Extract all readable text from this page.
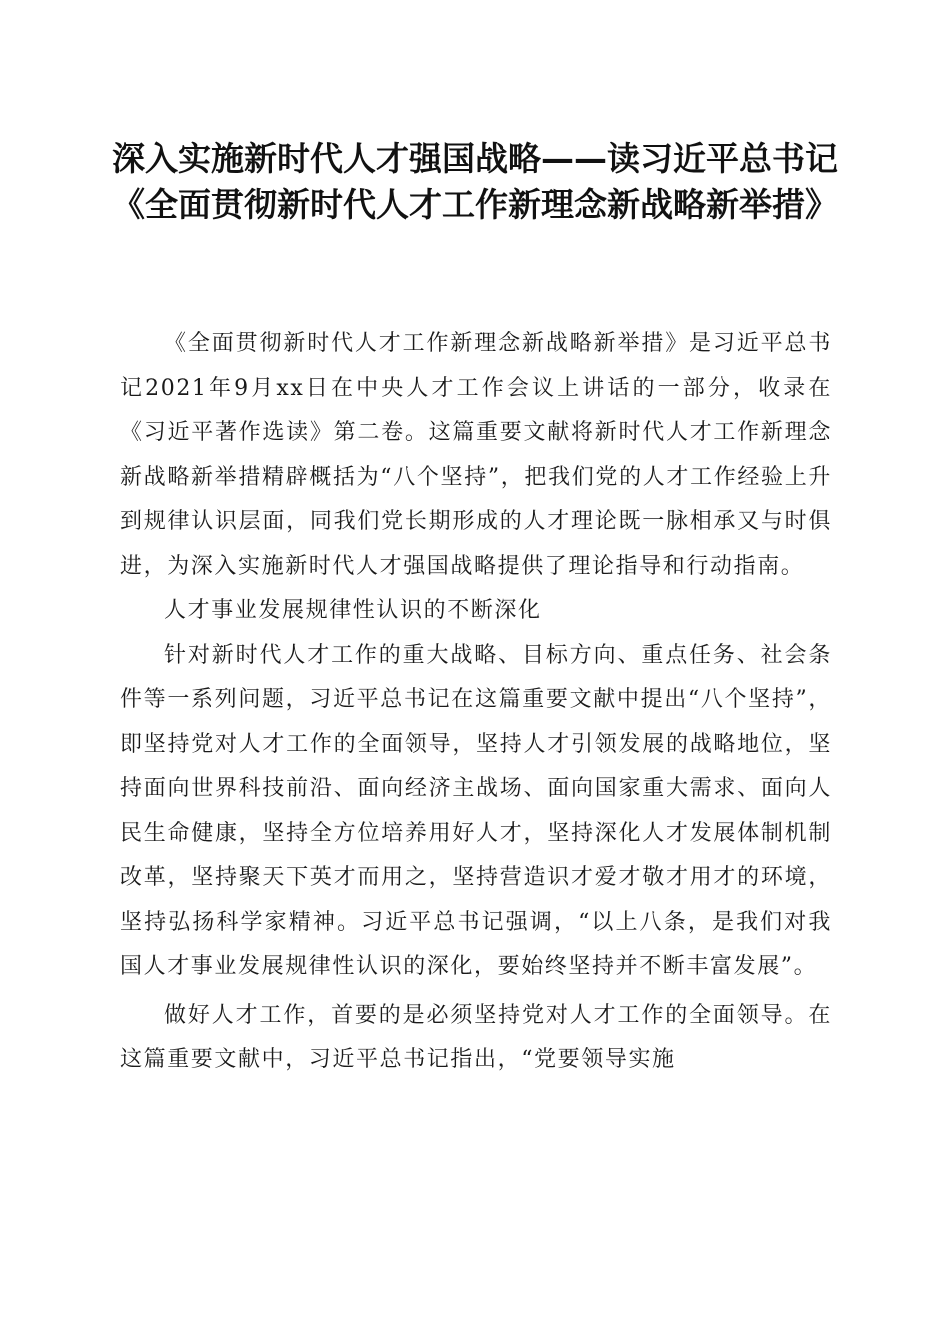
深入实施新时代人才强国战略——读习近平总书记《全面贯彻新时代人才工作新理念新战略新举措》

《全面贯彻新时代人才工作新理念新战略新举措》是习近平总书记2021年9月xx日在中央人才工作会议上讲话的一部分，收录在《习近平著作选读》第二卷。这篇重要文献将新时代人才工作新理念新战略新举措精辟概括为“八个坚持”，把我们党的人才工作经验上升到规律认识层面，同我们党长期形成的人才理论既一脉相承又与时俱进，为深入实施新时代人才强国战略提供了理论指导和行动指南。

人才事业发展规律性认识的不断深化

针对新时代人才工作的重大战略、目标方向、重点任务、社会条件等一系列问题，习近平总书记在这篇重要文献中提出“八个坚持”，即坚持党对人才工作的全面领导，坚持人才引领发展的战略地位，坚持面向世界科技前沿、面向经济主战场、面向国家重大需求、面向人民生命健康，坚持全方位培养用好人才，坚持深化人才发展体制机制改革，坚持聚天下英才而用之，坚持营造识才爱才敬才用才的环境，坚持弘扬科学家精神。习近平总书记强调，“以上八条，是我们对我国人才事业发展规律性认识的深化，要始终坚持并不断丰富发展”。

做好人才工作，首要的是必须坚持党对人才工作的全面领导。在这篇重要文献中，习近平总书记指出，“党要领导实施
